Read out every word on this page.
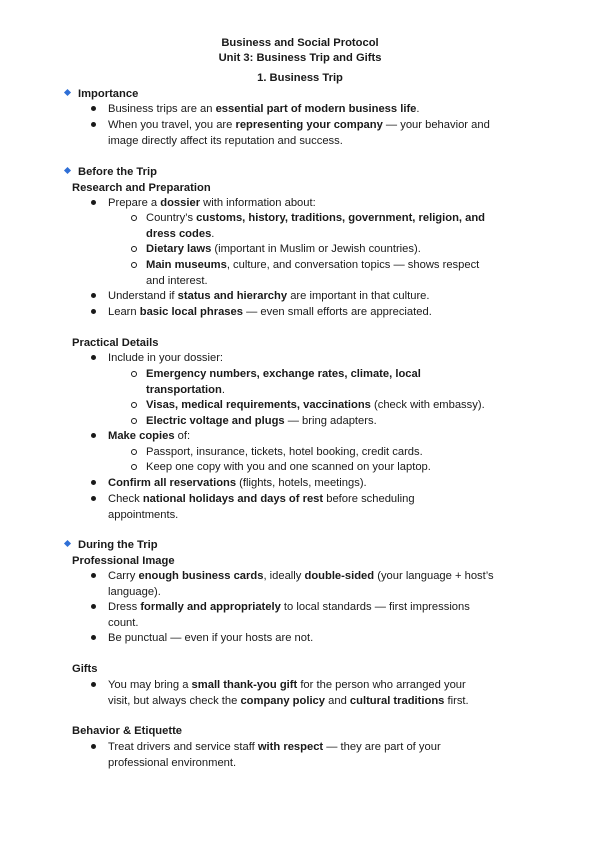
Business and Social Protocol
Unit 3: Business Trip and Gifts
1. Business Trip
Importance
Business trips are an essential part of modern business life.
When you travel, you are representing your company — your behavior and
image directly affect its reputation and success.
Before the Trip
Research and Preparation
Prepare a dossier with information about:
Country’s customs, history, traditions, government, religion, and
dress codes.
Dietary laws (important in Muslim or Jewish countries).
Main museums, culture, and conversation topics — shows respect
and interest.
Understand if status and hierarchy are important in that culture.
Learn basic local phrases — even small efforts are appreciated.
Practical Details
Include in your dossier:
Emergency numbers, exchange rates, climate, local
transportation.
Visas, medical requirements, vaccinations (check with embassy).
Electric voltage and plugs — bring adapters.
Make copies of:
Passport, insurance, tickets, hotel booking, credit cards.
Keep one copy with you and one scanned on your laptop.
Confirm all reservations (flights, hotels, meetings).
Check national holidays and days of rest before scheduling
appointments.
During the Trip
Professional Image
Carry enough business cards, ideally double-sided (your language + host’s
language).
Dress formally and appropriately to local standards — first impressions
count.
Be punctual — even if your hosts are not.
Gifts
You may bring a small thank-you gift for the person who arranged your
visit, but always check the company policy and cultural traditions first.
Behavior & Etiquette
Treat drivers and service staff with respect — they are part of your
professional environment.
